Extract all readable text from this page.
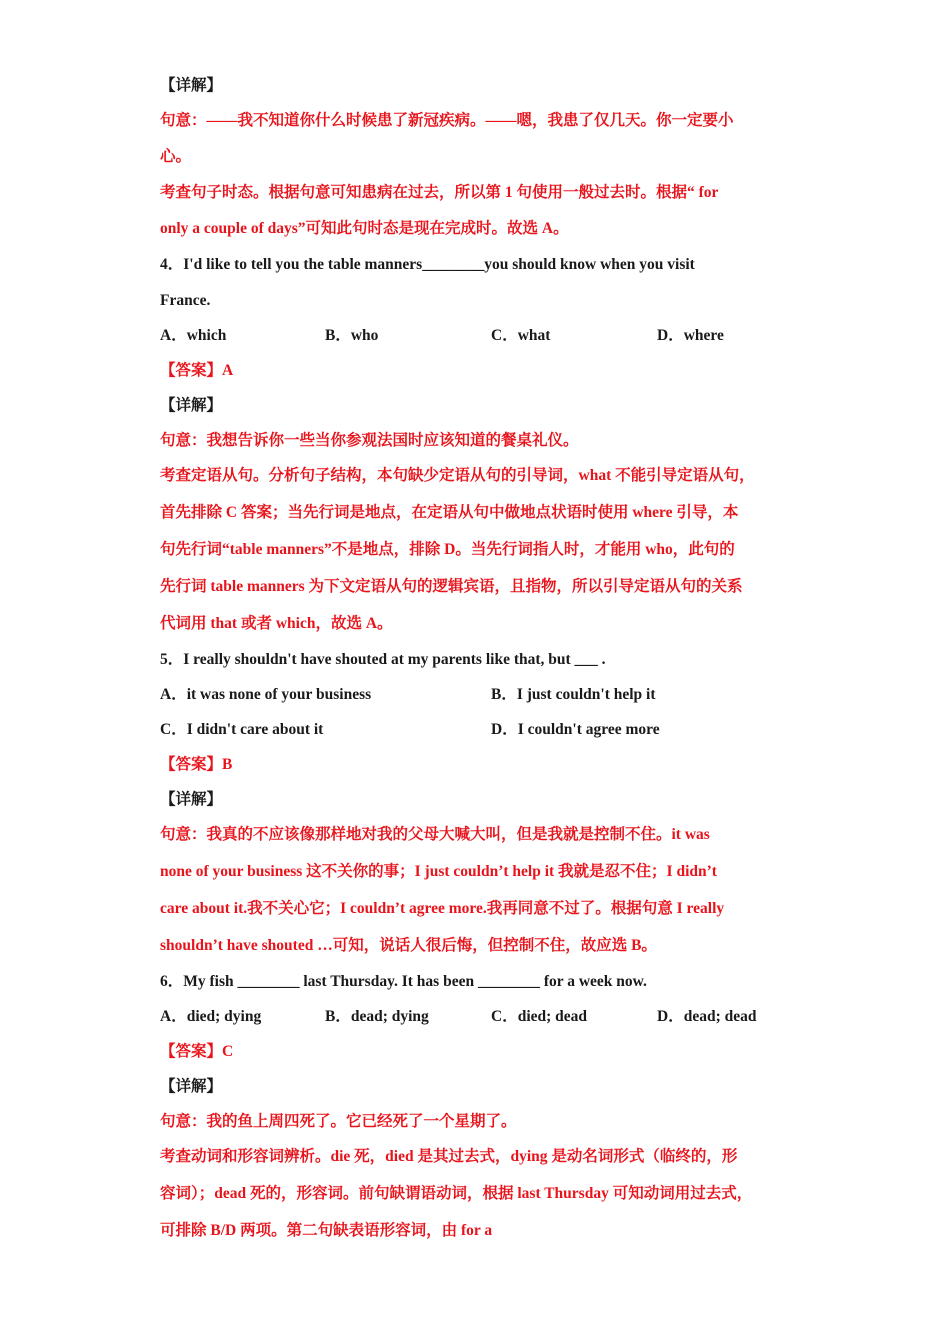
【详解】
句意：——我不知道你什么时候患了新冠疾病。——嗯，我患了仅几天。你一定要小
心。
考查句子时态。根据句意可知患病在过去，所以第 1 句使用一般过去时。根据“ for
only a couple of days”可知此句时态是现在完成时。故选 A。
4．I'd like to tell you the table manners________you should know when you visit
France.
A．which	B．who	C．what	D．where
【答案】A
【详解】
句意：我想告诉你一些当你参观法国时应该知道的餐桌礼仪。
考查定语从句。分析句子结构，本句缺少定语从句的引导词，what 不能引导定语从句，
首先排除 C 答案；当先行词是地点，在定语从句中做地点状语时使用 where 引导，本
句先行词“table manners”不是地点，排除 D。当先行词指人时，才能用 who，此句的
先行词 table manners 为下文定语从句的逻辑宾语，且指物，所以引导定语从句的关系
代词用 that 或者 which，故选 A。
5．I really shouldn't have shouted at my parents like that, but ___ .
A．it was none of your business	B．I just couldn't help it
C．I didn't care about it	D．I couldn't agree more
【答案】B
【详解】
句意：我真的不应该像那样地对我的父母大喊大叫，但是我就是控制不住。it was
none of your business 这不关你的事；I just couldn’t help it 我就是忍不住；I didn’t
care about it.我不关心它；I couldn’t agree more.我再同意不过了。根据句意 I really
shouldn’t have shouted …可知，说话人很后悔，但控制不住，故应选 B。
6．My fish ________ last Thursday. It has been ________ for a week now.
A．died; dying	B．dead; dying	C．died; dead	D．dead; dead
【答案】C
【详解】
句意：我的鱼上周四死了。它已经死了一个星期了。
考查动词和形容词辨析。die 死，died 是其过去式，dying 是动名词形式（临终的，形
容词）；dead 死的，形容词。前句缺谓语动词，根据 last Thursday 可知动词用过去式，
可排除 B/D 两项。第二句缺表语形容词，由 for a
